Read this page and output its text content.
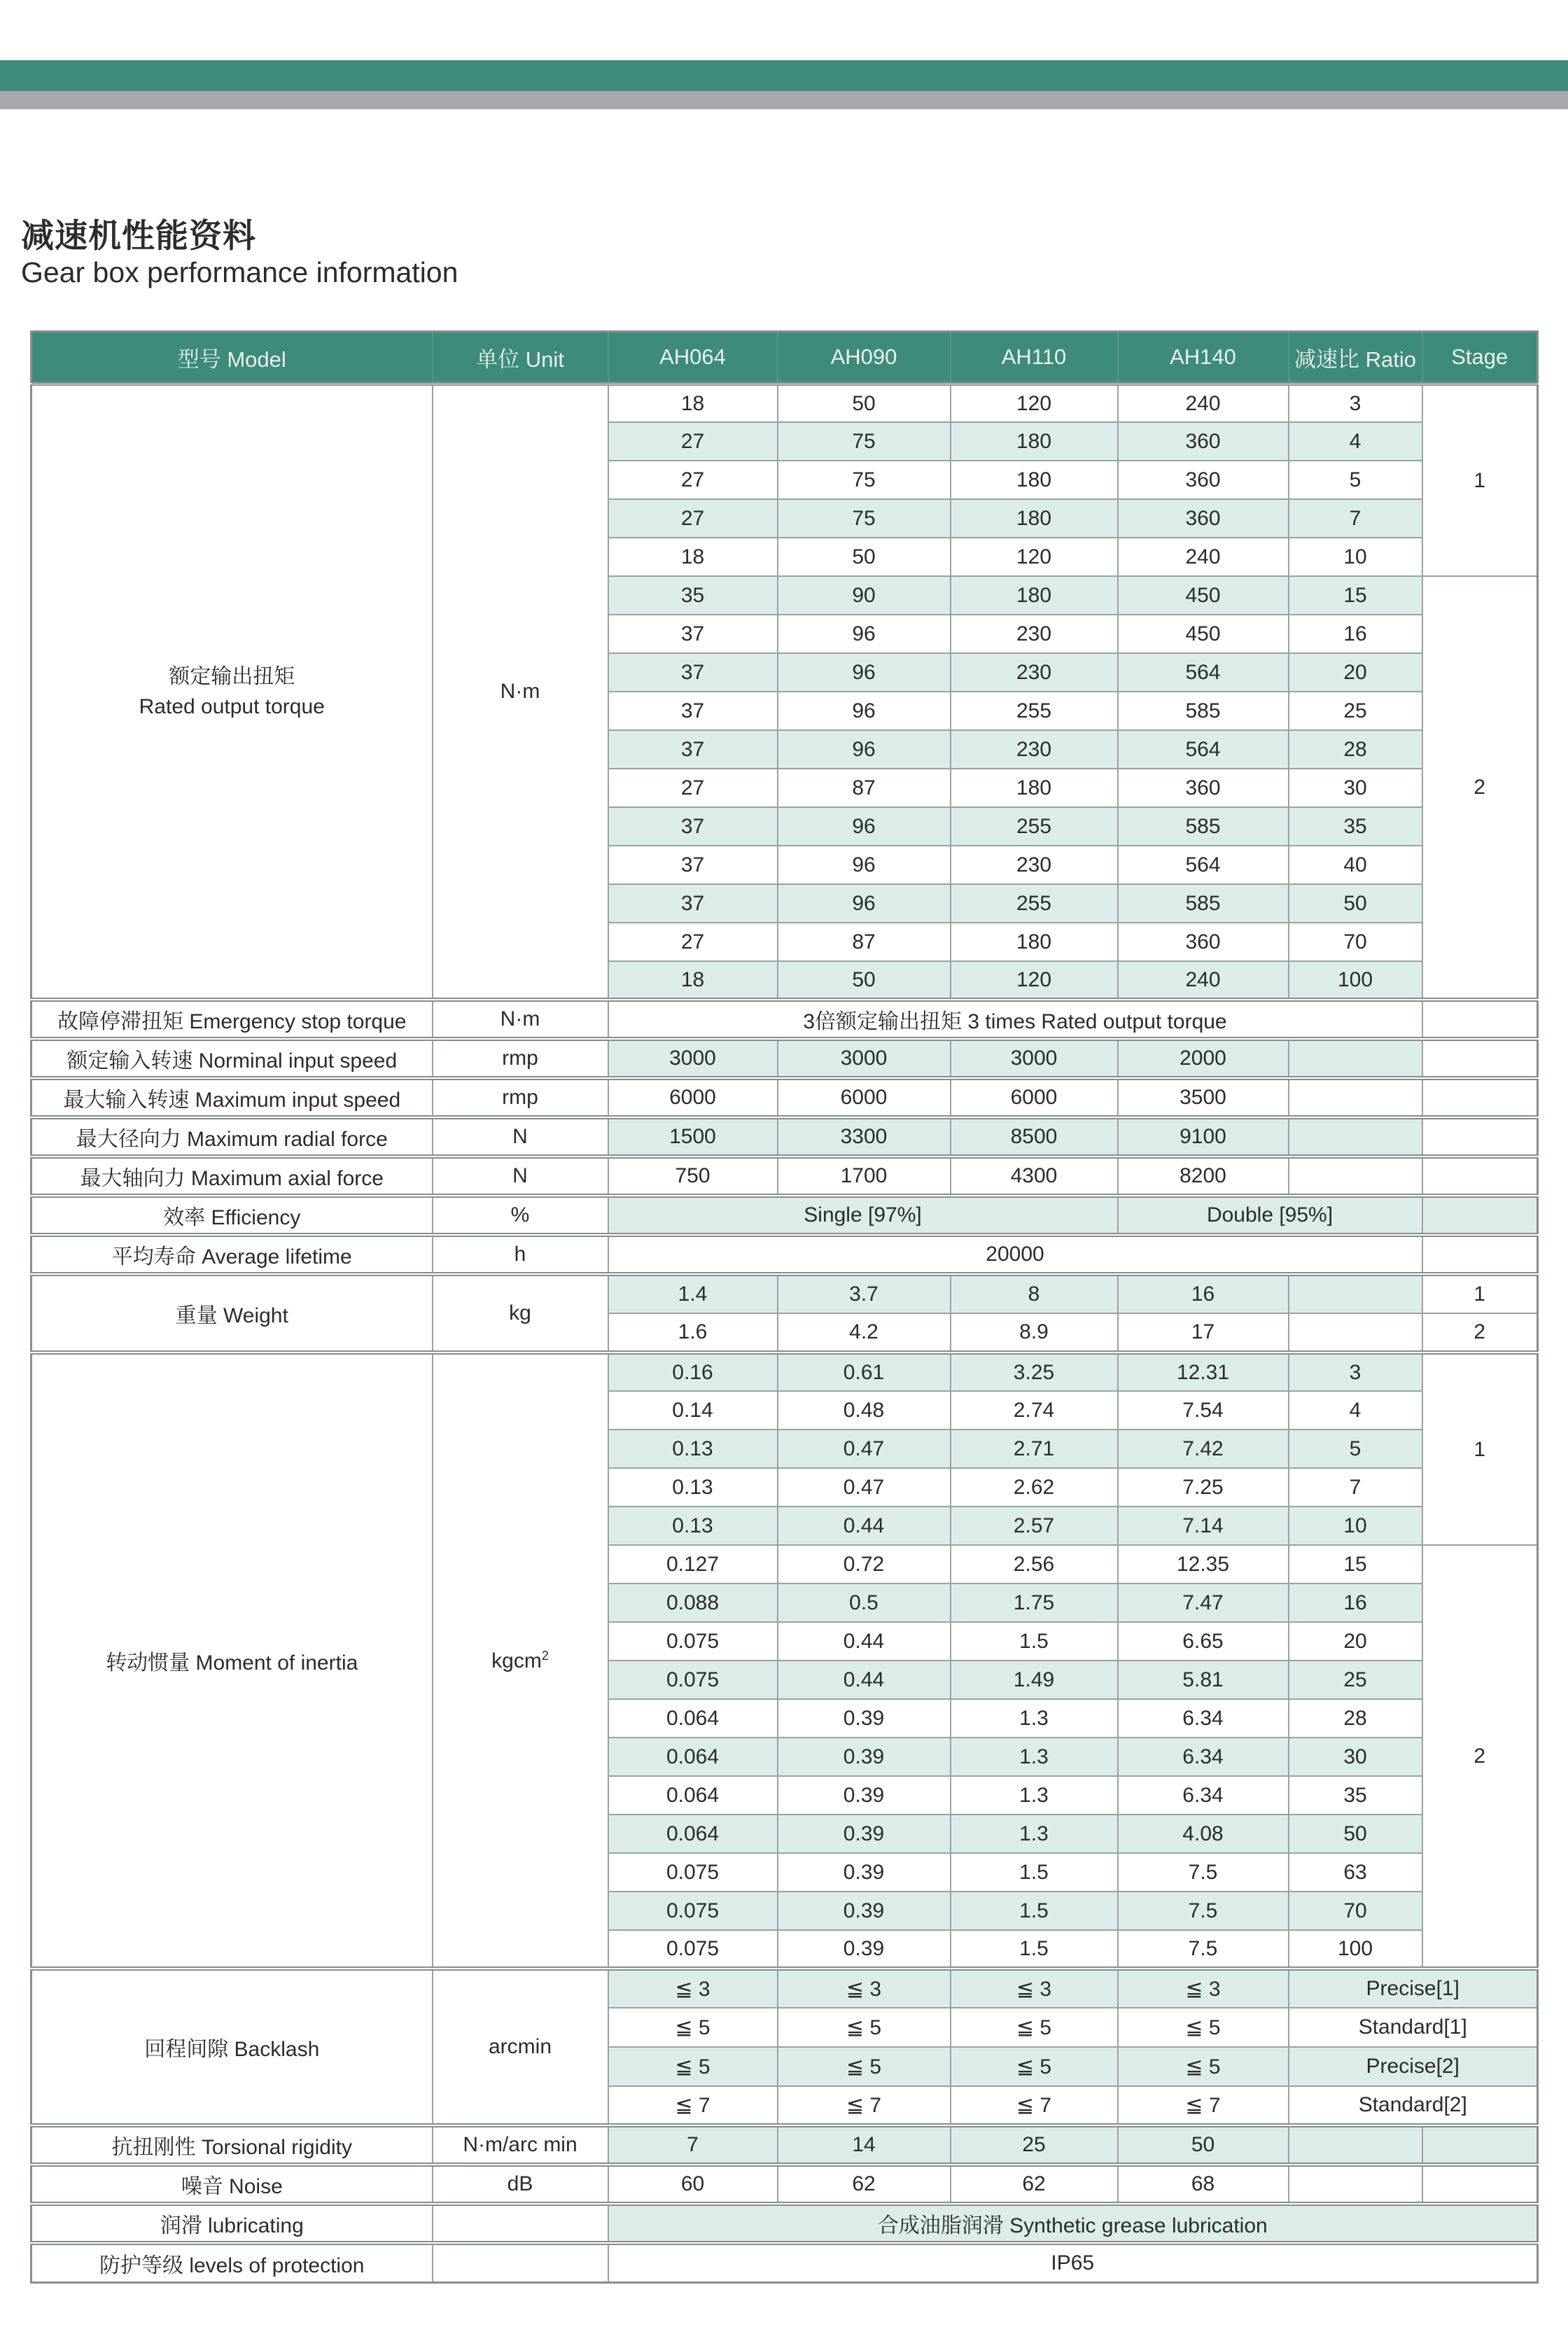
减速机性能资料
Gear box performance information
型号 Model	单位 Unit	AH064	AH090	AH110	AH140	减速比 Ratio	Stage

额定输出扭矩
Rated output torque	N·m	18	50	120	240	3	1
		27	75	180	360	4	
		27	75	180	360	5	
		27	75	180	360	7	
		18	50	120	240	10	
		35	90	180	450	15	2
		37	96	230	450	16	
		37	96	230	564	20	
		37	96	255	585	25	
		37	96	230	564	28	
		27	87	180	360	30	
		37	96	255	585	35	
		37	96	230	564	40	
		37	96	255	585	50	
		27	87	180	360	70	
		18	50	120	240	100	
故障停滞扭矩 Emergency stop torque	N·m	3倍额定输出扭矩 3 times Rated output torque					
额定输入转速 Norminal input speed	rmp	3000	3000	3000	2000		
最大输入转速 Maximum input speed	rmp	6000	6000	6000	3500		
最大径向力 Maximum radial force	N	1500	3300	8500	9100		
最大轴向力 Maximum axial force	N	750	1700	4300	8200		
效率 Efficiency	%	Single [97%]			Double [95%]		
平均寿命 Average lifetime	h	20000					
重量 Weight	kg	1.4	3.7	8	16		1
		1.6	4.2	8.9	17		2
转动惯量 Moment of inertia	kgcm$^2$	0.16	0.61	3.25	12.31	3	1
		0.14	0.48	2.74	7.54	4	
		0.13	0.47	2.71	7.42	5	
		0.13	0.47	2.62	7.25	7	
		0.13	0.44	2.57	7.14	10	
		0.127	0.72	2.56	12.35	15	2
		0.088	0.5	1.75	7.47	16	
		0.075	0.44	1.5	6.65	20	
		0.075	0.44	1.49	5.81	25	
		0.064	0.39	1.3	6.34	28	
		0.064	0.39	1.3	6.34	30	
		0.064	0.39	1.3	6.34	35	
		0.064	0.39	1.3	4.08	50	
		0.075	0.39	1.5	7.5	63	
		0.075	0.39	1.5	7.5	70	
		0.075	0.39	1.5	7.5	100	
回程间隙 Backlash	arcmin	≦ 3	≦ 3	≦ 3	≦ 3	Precise[1]	
		≦ 5	≦ 5	≦ 5	≦ 5	Standard[1]	
		≦ 5	≦ 5	≦ 5	≦ 5	Precise[2]	
		≦ 7	≦ 7	≦ 7	≦ 7	Standard[2]	
抗扭刚性 Torsional rigidity	N·m/arc min	7	14	25	50		
噪音 Noise	dB	60	62	62	68		
润滑 lubricating		合成油脂润滑 Synthetic grease lubrication					
防护等级 levels of protection		IP65					
